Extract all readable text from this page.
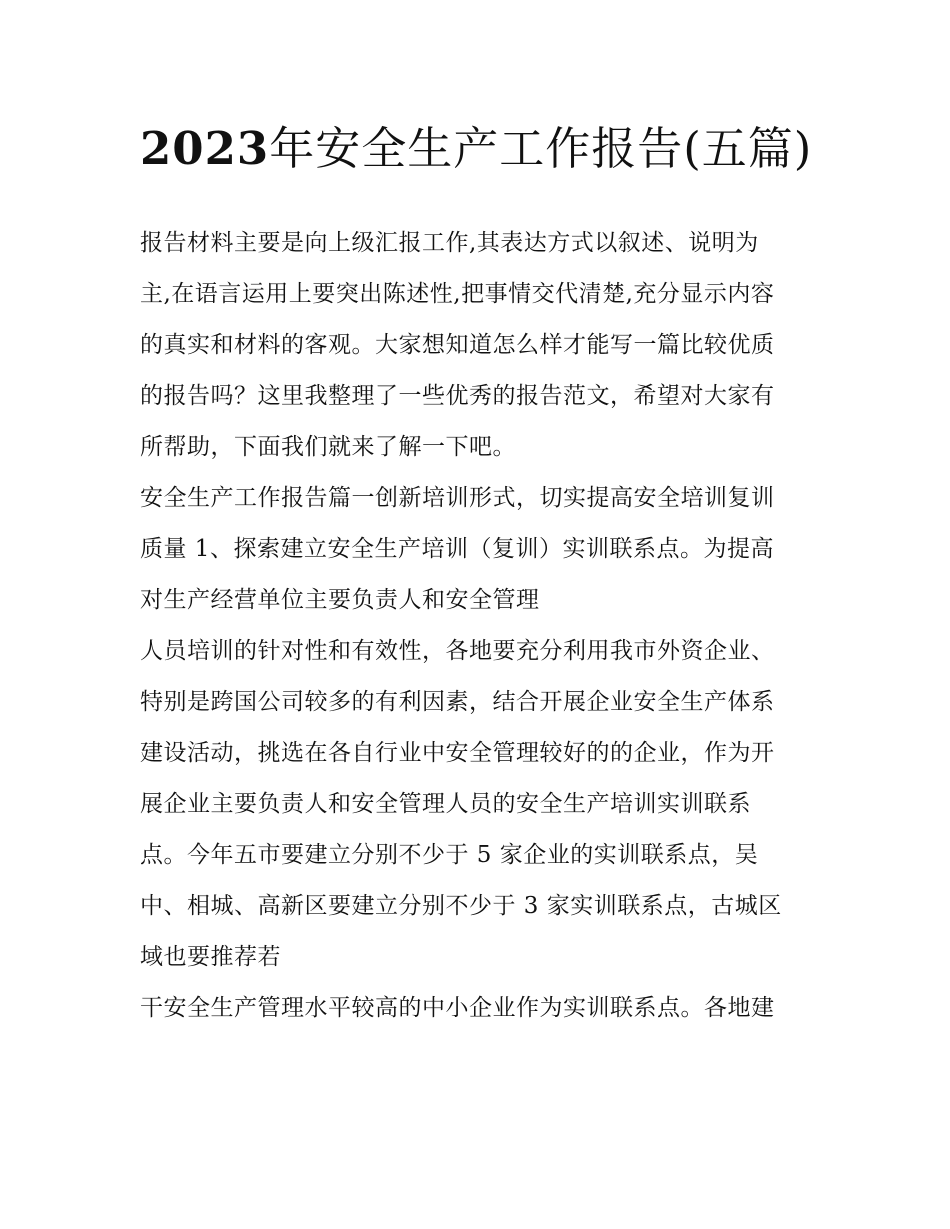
2023年安全生产工作报告(五篇)
报告材料主要是向上级汇报工作,其表达方式以叙述、说明为
主,在语言运用上要突出陈述性,把事情交代清楚,充分显示内容
的真实和材料的客观。大家想知道怎么样才能写一篇比较优质
的报告吗？这里我整理了一些优秀的报告范文，希望对大家有
所帮助，下面我们就来了解一下吧。
安全生产工作报告篇一创新培训形式，切实提高安全培训复训
质量 1、探索建立安全生产培训（复训）实训联系点。为提高
对生产经营单位主要负责人和安全管理
人员培训的针对性和有效性，各地要充分利用我市外资企业、
特别是跨国公司较多的有利因素，结合开展企业安全生产体系
建设活动，挑选在各自行业中安全管理较好的的企业，作为开
展企业主要负责人和安全管理人员的安全生产培训实训联系
点。今年五市要建立分别不少于 5 家企业的实训联系点，吴
中、相城、高新区要建立分别不少于 3 家实训联系点，古城区
域也要推荐若
干安全生产管理水平较高的中小企业作为实训联系点。各地建
